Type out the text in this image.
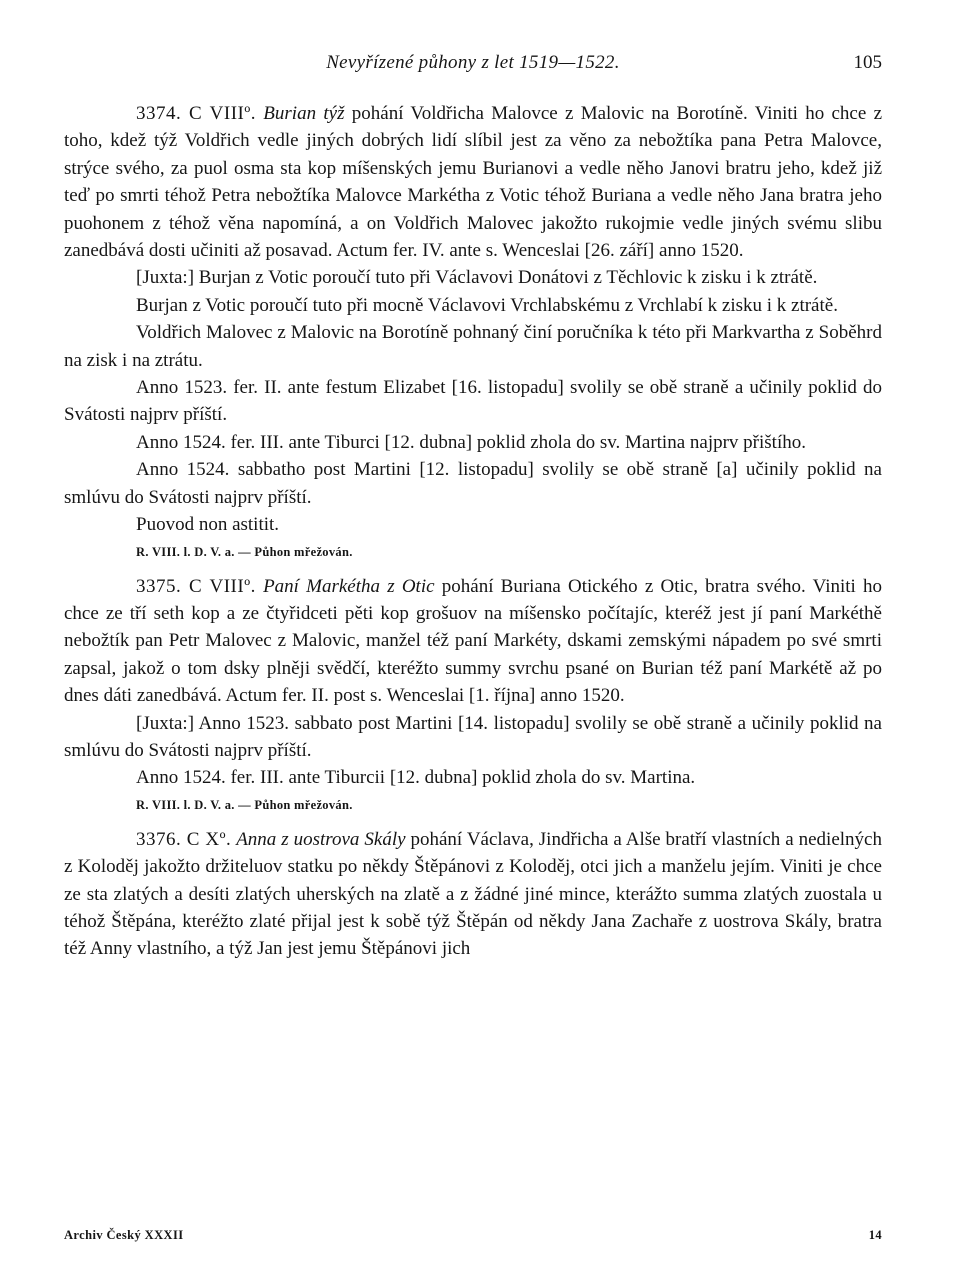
Nevyřízené půhony z let 1519—1522.	105

3374. C VIIIº. Burian týž pohání Voldřicha Malovce z Malovic na Borotíně. Viniti ho chce z toho, kdež týž Voldřich vedle jiných dobrých lidí slíbil jest za věno za nebožtíka pana Petra Malovce, strýce svého, za puol osma sta kop míšenských jemu Burianovi a vedle něho Janovi bratru jeho, kdež již teď po smrti téhož Petra nebožtíka Malovce Markétha z Votic téhož Buriana a vedle něho Jana bratra jeho puohonem z téhož věna napomíná, a on Voldřich Malovec jakožto rukojmie vedle jiných svému slibu zanedbává dosti učiniti až posavad. Actum fer. IV. ante s. Wenceslai [26. září] anno 1520.

[Juxta:] Burjan z Votic poroučí tuto při Václavovi Donátovi z Těchlovic k zisku i k ztrátě.

Burjan z Votic poroučí tuto při mocně Václavovi Vrchlabskému z Vrchlabí k zisku i k ztrátě.

Voldřich Malovec z Malovic na Borotíně pohnaný činí poručníka k této při Markvartha z Soběhrd na zisk i na ztrátu.

Anno 1523. fer. II. ante festum Elizabet [16. listopadu] svolily se obě straně a učinily poklid do Svátosti najprv příští.

Anno 1524. fer. III. ante Tiburci [12. dubna] poklid zhola do sv. Martina najprv přištího.

Anno 1524. sabbatho post Martini [12. listopadu] svolily se obě straně [a] učinily poklid na smlúvu do Svátosti najprv příští.

Puovod non astitit.

R. VIII. l. D. V. a. — Půhon mřežován.

3375. C VIIIº. Paní Markétha z Otic pohání Buriana Otického z Otic, bratra svého. Viniti ho chce ze tří seth kop a ze čtyřidceti pěti kop grošuov na míšensko počítajíc, kteréž jest jí paní Markéthě nebožtík pan Petr Malovec z Malovic, manžel též paní Markéty, dskami zemskými nápadem po své smrti zapsal, jakož o tom dsky plněji svědčí, kteréžto summy svrchu psané on Burian též paní Markétě až po dnes dáti zanedbává. Actum fer. II. post s. Wenceslai [1. října] anno 1520.

[Juxta:] Anno 1523. sabbato post Martini [14. listopadu] svolily se obě straně a učinily poklid na smlúvu do Svátosti najprv příští.

Anno 1524. fer. III. ante Tiburcii [12. dubna] poklid zhola do sv. Martina.

R. VIII. l. D. V. a. — Půhon mřežován.

3376. C Xº. Anna z uostrova Skály pohání Václava, Jindřicha a Alše bratří vlastních a nedielných z Koloděj jakožto držiteluov statku po někdy Štěpánovi z Koloděj, otci jich a manželu jejím. Viniti je chce ze sta zlatých a desíti zlatých uherských na zlatě a z žádné jiné mince, kterážto summa zlatých zuostala u téhož Štěpána, kteréžto zlaté přijal jest k sobě týž Štěpán od někdy Jana Zachaře z uostrova Skály, bratra též Anny vlastního, a týž Jan jest jemu Štěpánovi jich

Archiv Český XXXII	14
